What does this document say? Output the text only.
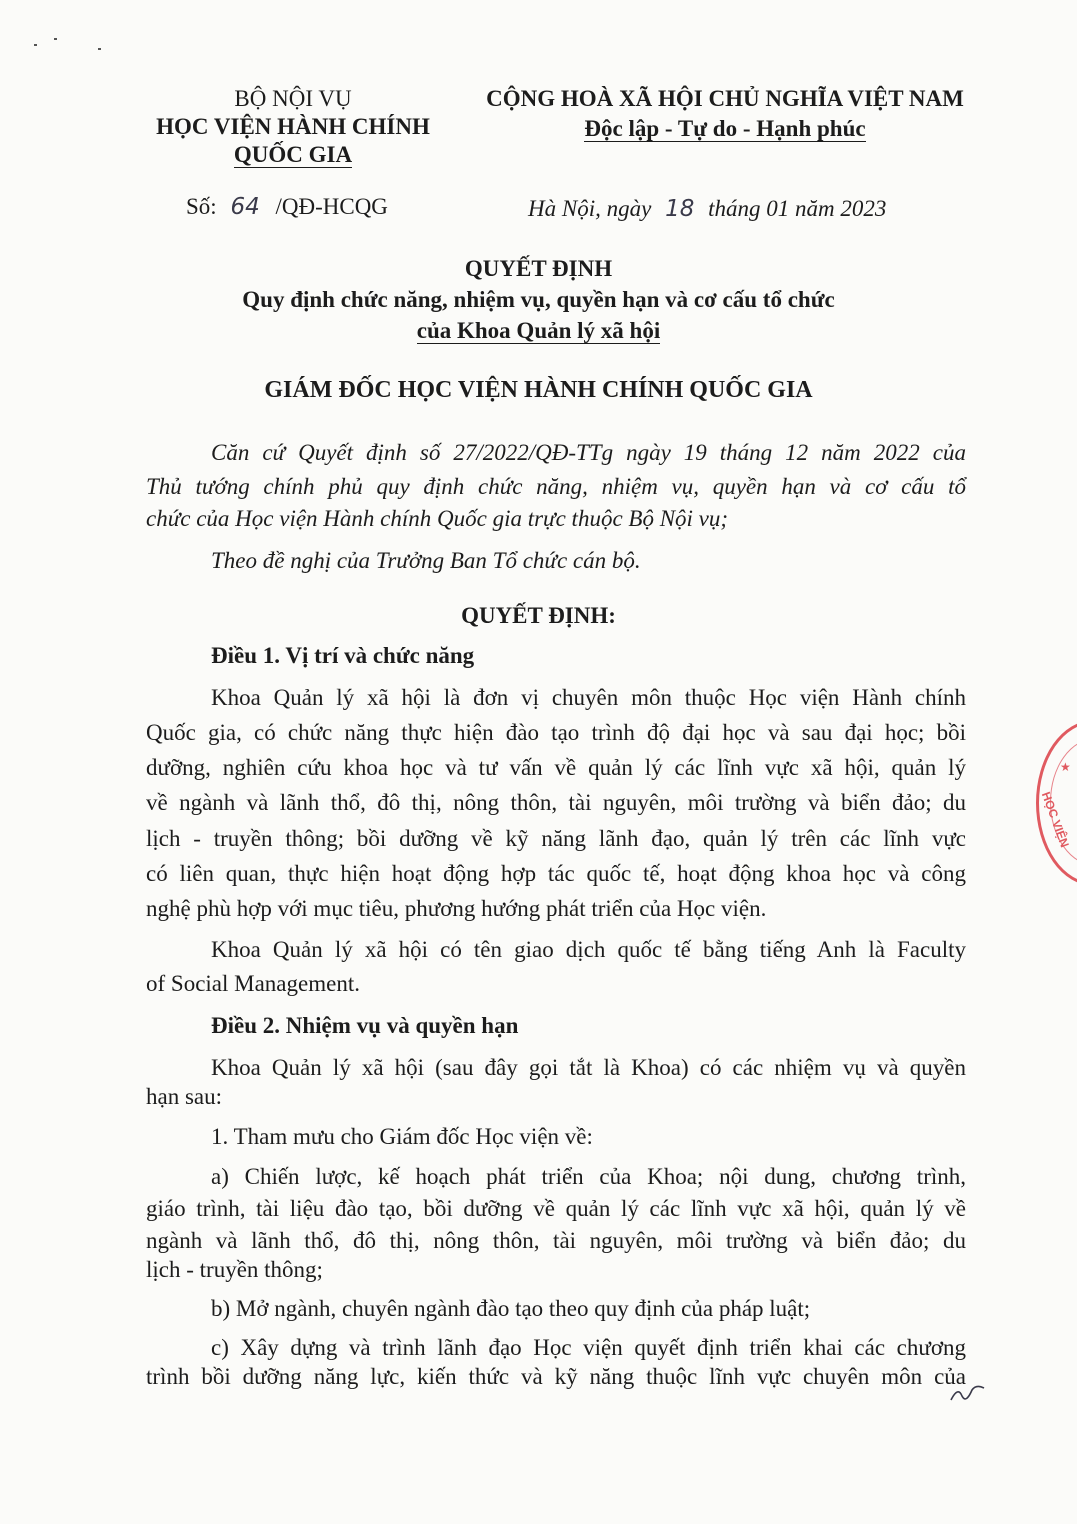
BỘ NỘI VỤ
HỌC VIỆN HÀNH CHÍNH
QUỐC GIA
CỘNG HOÀ XÃ HỘI CHỦ NGHĨA VIỆT NAM
Độc lập - Tự do - Hạnh phúc
Số: 64 /QĐ-HCQG	Hà Nội, ngày 18 tháng 01 năm 2023
QUYẾT ĐỊNH
Quy định chức năng, nhiệm vụ, quyền hạn và cơ cấu tổ chức
của Khoa Quản lý xã hội
GIÁM ĐỐC HỌC VIỆN HÀNH CHÍNH QUỐC GIA
Căn cứ Quyết định số 27/2022/QĐ-TTg ngày 19 tháng 12 năm 2022 của
Thủ tướng chính phủ quy định chức năng, nhiệm vụ, quyền hạn và cơ cấu tổ
chức của Học viện Hành chính Quốc gia trực thuộc Bộ Nội vụ;
Theo đề nghị của Trưởng Ban Tổ chức cán bộ.
QUYẾT ĐỊNH:
Điều 1. Vị trí và chức năng
Khoa Quản lý xã hội là đơn vị chuyên môn thuộc Học viện Hành chính
Quốc gia, có chức năng thực hiện đào tạo trình độ đại học và sau đại học; bồi
dưỡng, nghiên cứu khoa học và tư vấn về quản lý các lĩnh vực xã hội, quản lý
về ngành và lãnh thổ, đô thị, nông thôn, tài nguyên, môi trường và biển đảo; du
lịch - truyền thông; bồi dưỡng về kỹ năng lãnh đạo, quản lý trên các lĩnh vực
có liên quan, thực hiện hoạt động hợp tác quốc tế, hoạt động khoa học và công
nghệ phù hợp với mục tiêu, phương hướng phát triển của Học viện.
Khoa Quản lý xã hội có tên giao dịch quốc tế bằng tiếng Anh là Faculty
of Social Management.
Điều 2. Nhiệm vụ và quyền hạn
Khoa Quản lý xã hội (sau đây gọi tắt là Khoa) có các nhiệm vụ và quyền
hạn sau:
1. Tham mưu cho Giám đốc Học viện về:
a) Chiến lược, kế hoạch phát triển của Khoa; nội dung, chương trình,
giáo trình, tài liệu đào tạo, bồi dưỡng về quản lý các lĩnh vực xã hội, quản lý về
ngành và lãnh thổ, đô thị, nông thôn, tài nguyên, môi trường và biển đảo; du
lịch - truyền thông;
b) Mở ngành, chuyên ngành đào tạo theo quy định của pháp luật;
c) Xây dựng và trình lãnh đạo Học viện quyết định triển khai các chương
trình bồi dưỡng năng lực, kiến thức và kỹ năng thuộc lĩnh vực chuyên môn của
★
HỌC VIỆN
